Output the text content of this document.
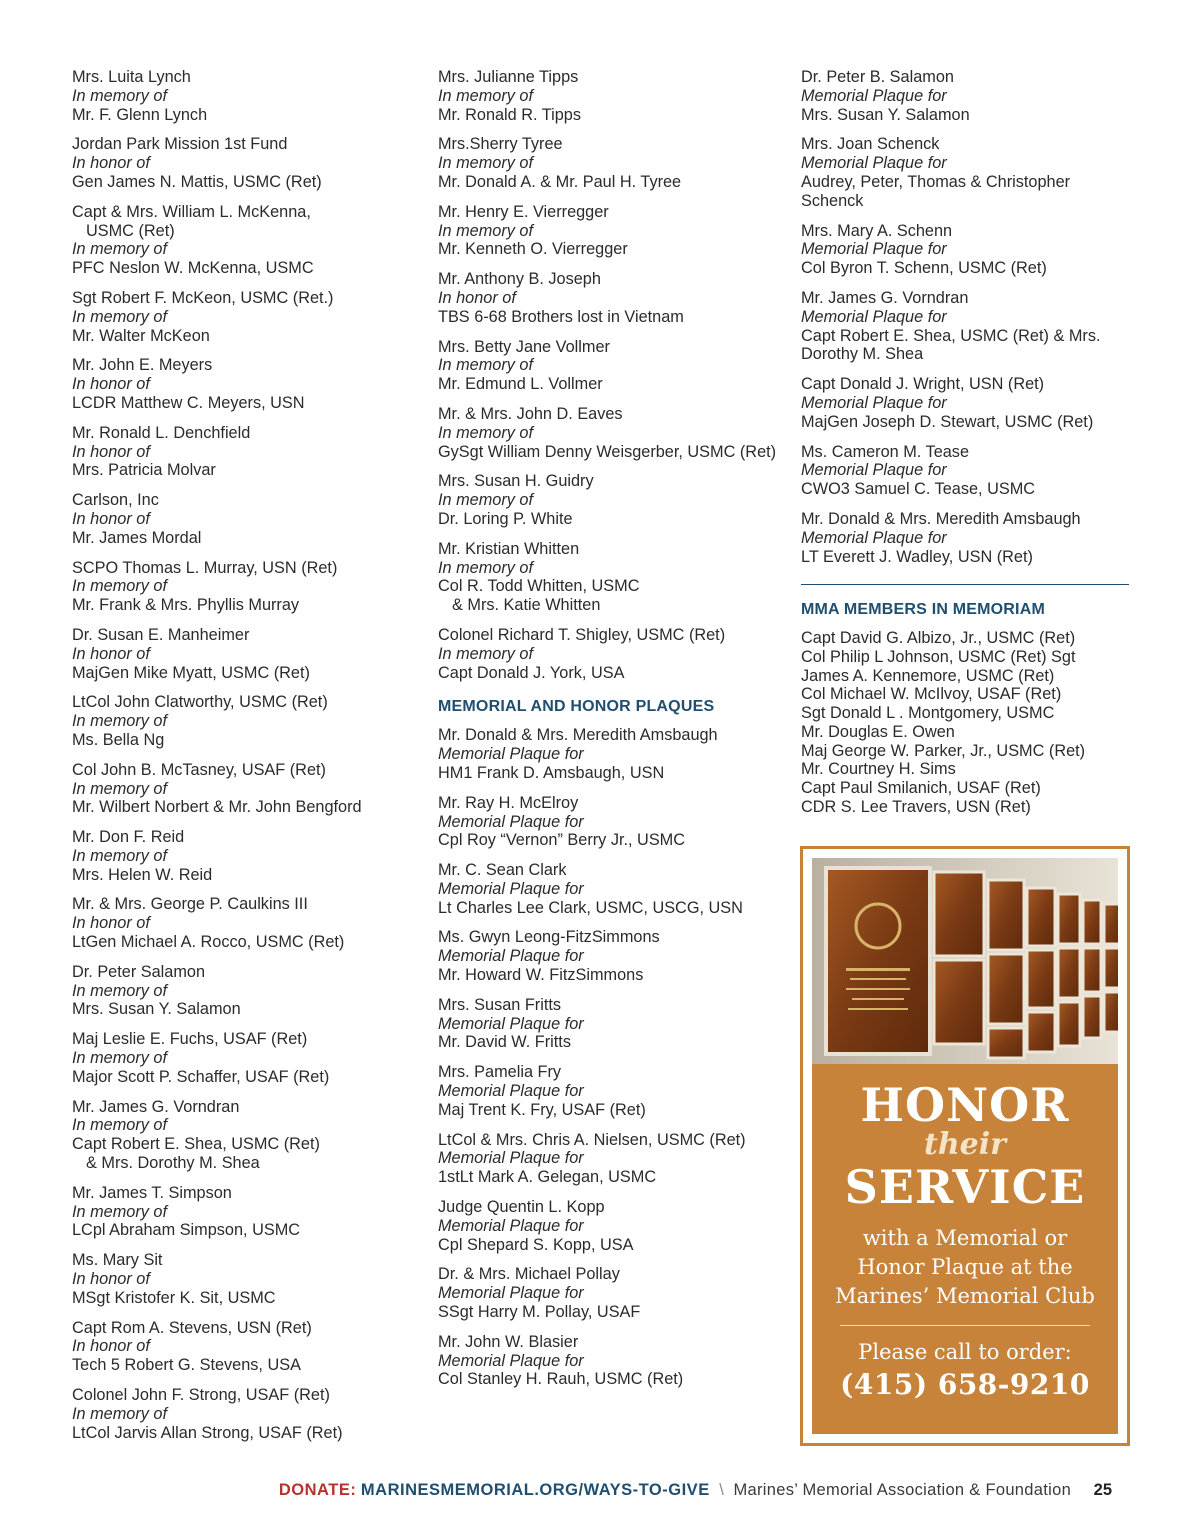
Mrs. Luita Lynch
In memory of
Mr. F. Glenn Lynch
Jordan Park Mission 1st Fund
In honor of
Gen James N. Mattis, USMC (Ret)
Capt & Mrs. William L. McKenna,
USMC (Ret)
In memory of
PFC Neslon W. McKenna, USMC
Sgt Robert F. McKeon, USMC (Ret.)
In memory of
Mr. Walter McKeon
Mr. John E. Meyers
In honor of
LCDR Matthew C. Meyers, USN
Mr. Ronald L. Denchfield
In honor of
Mrs. Patricia Molvar
Carlson, Inc
In honor of
Mr. James Mordal
SCPO Thomas L. Murray, USN (Ret)
In memory of
Mr. Frank & Mrs. Phyllis Murray
Dr. Susan E. Manheimer
In honor of
MajGen Mike Myatt, USMC (Ret)
LtCol John Clatworthy, USMC (Ret)
In memory of
Ms. Bella Ng
Col John B. McTasney, USAF (Ret)
In memory of
Mr. Wilbert Norbert & Mr. John Bengford
Mr. Don F. Reid
In memory of
Mrs. Helen W. Reid
Mr. & Mrs. George P. Caulkins III
In honor of
LtGen Michael A. Rocco, USMC (Ret)
Dr. Peter Salamon
In memory of
Mrs. Susan Y. Salamon
Maj Leslie E. Fuchs, USAF (Ret)
In memory of
Major Scott P. Schaffer, USAF (Ret)
Mr. James G. Vorndran
In memory of
Capt Robert E. Shea, USMC (Ret)
& Mrs. Dorothy M. Shea
Mr. James T. Simpson
In memory of
LCpl Abraham Simpson, USMC
Ms. Mary Sit
In honor of
MSgt Kristofer K. Sit, USMC
Capt Rom A. Stevens, USN (Ret)
In honor of
Tech 5 Robert G. Stevens, USA
Colonel John F. Strong, USAF (Ret)
In memory of
LtCol Jarvis Allan Strong, USAF (Ret)
Mrs. Julianne Tipps
In memory of
Mr. Ronald R. Tipps
Mrs.Sherry Tyree
In memory of
Mr. Donald A. & Mr. Paul H. Tyree
Mr. Henry E. Vierregger
In memory of
Mr. Kenneth O. Vierregger
Mr. Anthony B. Joseph
In honor of
TBS 6-68 Brothers lost in Vietnam
Mrs. Betty Jane Vollmer
In memory of
Mr. Edmund L. Vollmer
Mr. & Mrs. John D. Eaves
In memory of
GySgt William Denny Weisgerber, USMC (Ret)
Mrs. Susan H. Guidry
In memory of
Dr. Loring P. White
Mr. Kristian Whitten
In memory of
Col R. Todd Whitten, USMC
& Mrs. Katie Whitten
Colonel Richard T. Shigley, USMC (Ret)
In memory of
Capt Donald J. York, USA
MEMORIAL AND HONOR PLAQUES
Mr. Donald & Mrs. Meredith Amsbaugh
Memorial Plaque for
HM1 Frank D. Amsbaugh, USN
Mr. Ray H. McElroy
Memorial Plaque for
Cpl Roy “Vernon” Berry Jr., USMC
Mr. C. Sean Clark
Memorial Plaque for
Lt Charles Lee Clark, USMC, USCG, USN
Ms. Gwyn Leong-FitzSimmons
Memorial Plaque for
Mr. Howard W. FitzSimmons
Mrs. Susan Fritts
Memorial Plaque for
Mr. David W. Fritts
Mrs. Pamelia Fry
Memorial Plaque for
Maj Trent K. Fry, USAF (Ret)
LtCol & Mrs. Chris A. Nielsen, USMC (Ret)
Memorial Plaque for
1stLt Mark A. Gelegan, USMC
Judge Quentin L. Kopp
Memorial Plaque for
Cpl Shepard S. Kopp, USA
Dr. & Mrs. Michael Pollay
Memorial Plaque for
SSgt Harry M. Pollay, USAF
Mr. John W. Blasier
Memorial Plaque for
Col Stanley H. Rauh, USMC (Ret)
Dr. Peter B. Salamon
Memorial Plaque for
Mrs. Susan Y. Salamon
Mrs. Joan Schenck
Memorial Plaque for
Audrey, Peter, Thomas & Christopher Schenck
Mrs. Mary A. Schenn
Memorial Plaque for
Col Byron T. Schenn, USMC (Ret)
Mr. James G. Vorndran
Memorial Plaque for
Capt Robert E. Shea, USMC (Ret) & Mrs. Dorothy M. Shea
Capt Donald J. Wright, USN (Ret)
Memorial Plaque for
MajGen Joseph D. Stewart, USMC (Ret)
Ms. Cameron M. Tease
Memorial Plaque for
CWO3 Samuel C. Tease, USMC
Mr. Donald & Mrs. Meredith Amsbaugh
Memorial Plaque for
LT Everett J. Wadley, USN (Ret)
MMA MEMBERS IN MEMORIAM
Capt David G. Albizo, Jr., USMC (Ret)
Col Philip L Johnson, USMC (Ret) Sgt
James A. Kennemore, USMC (Ret)
Col Michael W. McIlvoy, USAF (Ret)
Sgt Donald L . Montgomery, USMC
Mr. Douglas E. Owen
Maj George W. Parker, Jr., USMC (Ret)
Mr. Courtney H. Sims
Capt Paul Smilanich, USAF (Ret)
CDR S. Lee Travers, USN (Ret)
HONOR
their
SERVICE
with a Memorial or Honor Plaque at the Marines’ Memorial Club
Please call to order:
(415) 658-9210
DONATE: MARINESMEMORIAL.ORG/WAYS-TO-GIVE \ Marines’ Memorial Association & Foundation 25
